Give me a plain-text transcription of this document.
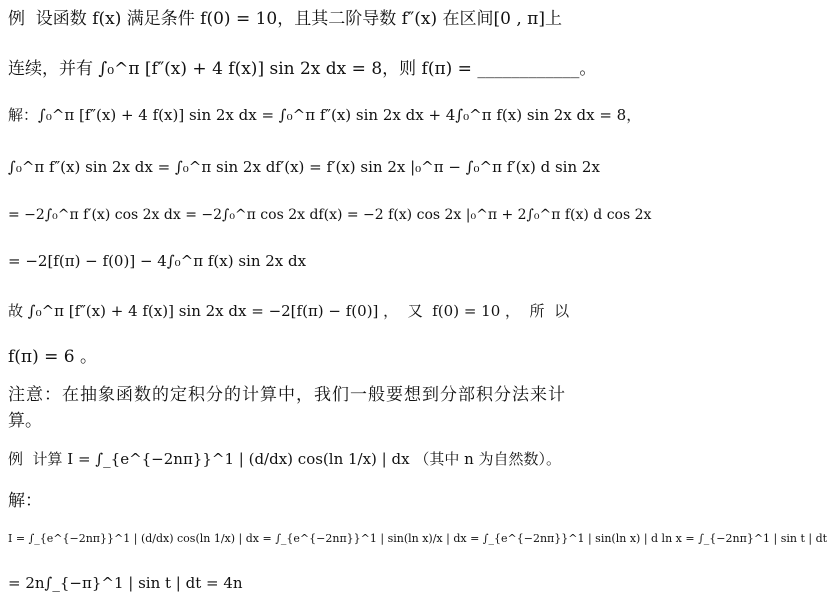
例  设函数 f(x) 满足条件 f(0) = 10，且其二阶导数 f″(x) 在区间[0 , π]上
连续，并有 ∫₀^π [f″(x) + 4 f(x)] sin 2x dx = 8，则 f(π) = ____________。
解：∫₀^π [f″(x) + 4 f(x)] sin 2x dx = ∫₀^π f″(x) sin 2x dx + 4∫₀^π f(x) sin 2x dx = 8，
∫₀^π f″(x) sin 2x dx = ∫₀^π sin 2x df′(x) = f′(x) sin 2x |₀^π − ∫₀^π f′(x) d sin 2x
= −2∫₀^π f′(x) cos 2x dx = −2∫₀^π cos 2x df(x) = −2 f(x) cos 2x |₀^π + 2∫₀^π f(x) d cos 2x
= −2[f(π) − f(0)] − 4∫₀^π f(x) sin 2x dx
故 ∫₀^π [f″(x) + 4 f(x)] sin 2x dx = −2[f(π) − f(0)] ，  又  f(0) = 10 ，  所  以
f(π) = 6 。
注意：在抽象函数的定积分的计算中，我们一般要想到分部积分法来计
算。
例  计算 I = ∫_{e^{−2nπ}}^1 | (d/dx) cos(ln 1/x) | dx （其中 n 为自然数）。
解：
I = ∫_{e^{−2nπ}}^1 | (d/dx) cos(ln 1/x) | dx = ∫_{e^{−2nπ}}^1 | sin(ln x)/x | dx = ∫_{e^{−2nπ}}^1 | sin(ln x) | d ln x = ∫_{−2nπ}^1 | sin t | dt
= 2n∫_{−π}^1 | sin t | dt = 4n
